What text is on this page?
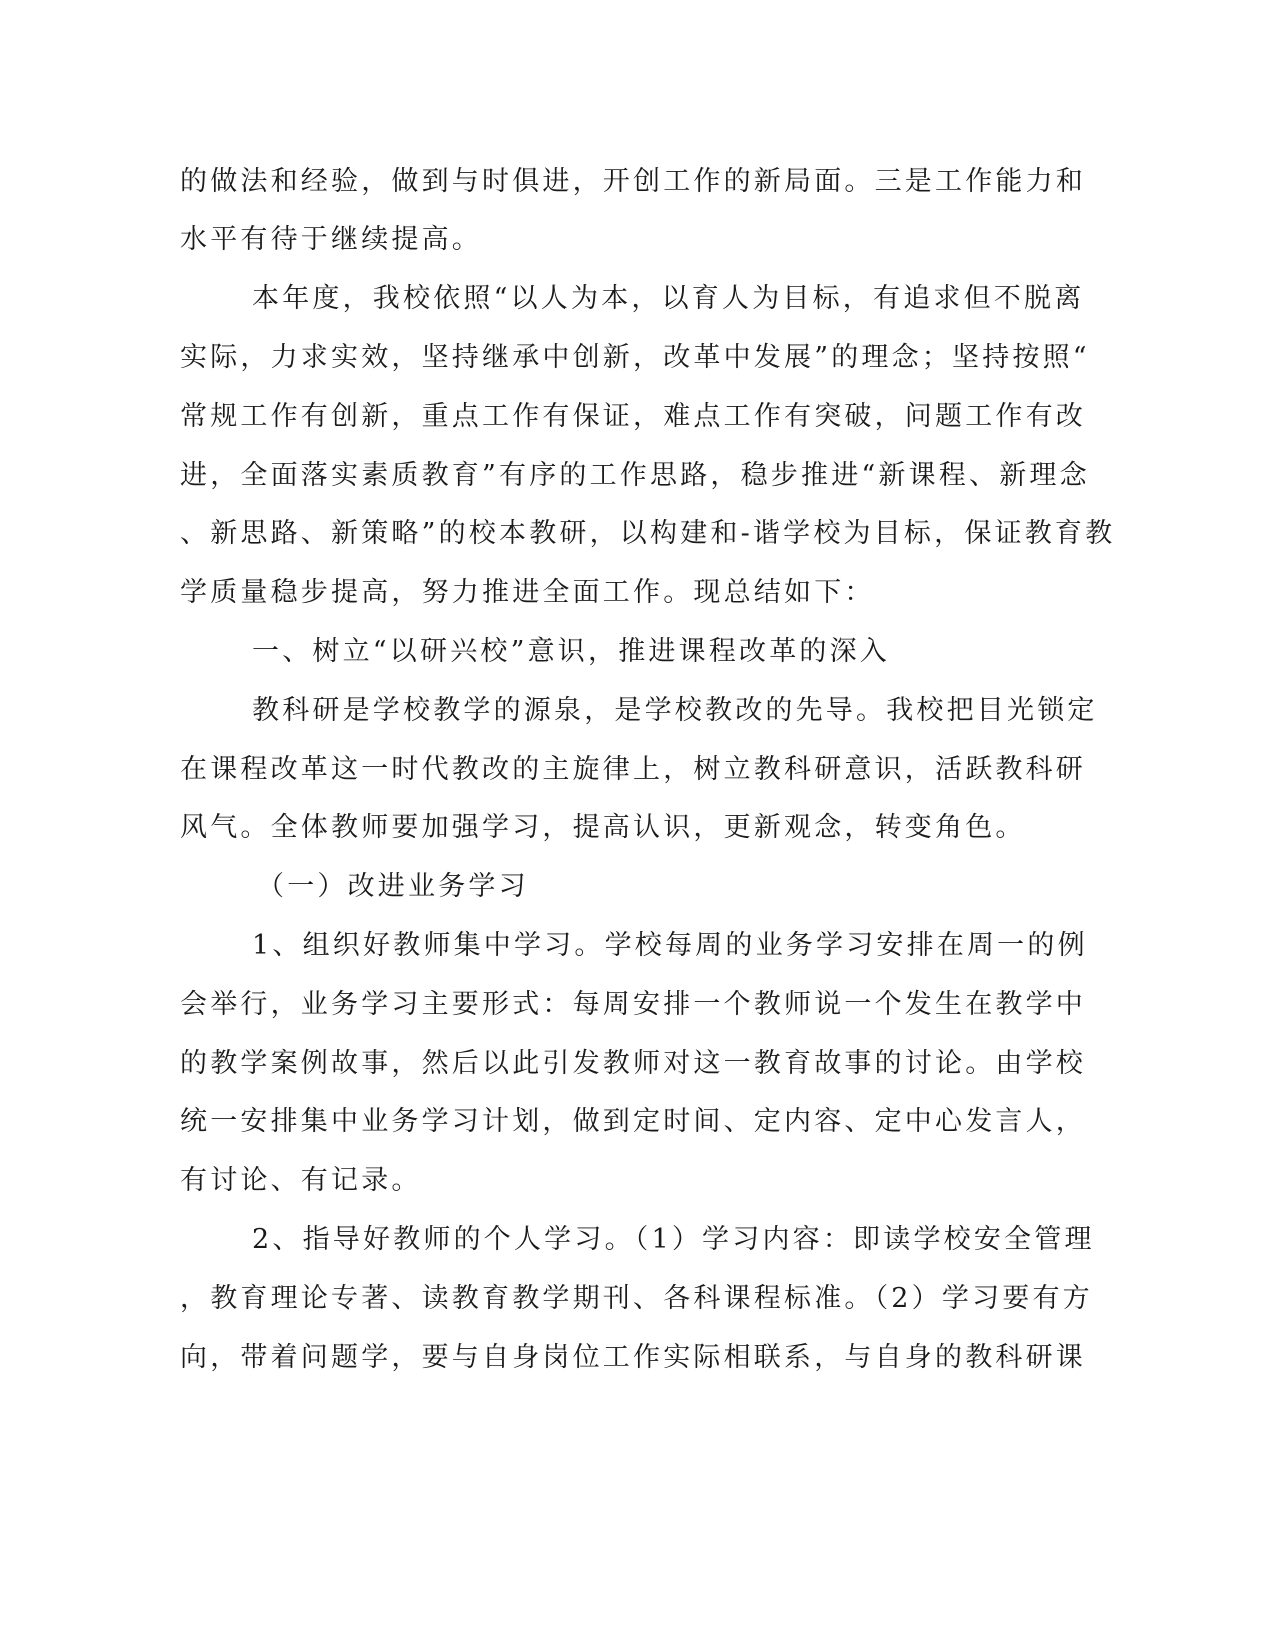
的做法和经验，做到与时俱进，开创工作的新局面。三是工作能力和
水平有待于继续提高。
本年度，我校依照“以人为本，以育人为目标，有追求但不脱离
实际，力求实效，坚持继承中创新，改革中发展”的理念；坚持按照“
常规工作有创新，重点工作有保证，难点工作有突破，问题工作有改
进，全面落实素质教育”有序的工作思路，稳步推进“新课程、新理念
、新思路、新策略”的校本教研，以构建和-谐学校为目标，保证教育教
学质量稳步提高，努力推进全面工作。现总结如下：
一、树立“以研兴校”意识，推进课程改革的深入
教科研是学校教学的源泉，是学校教改的先导。我校把目光锁定
在课程改革这一时代教改的主旋律上，树立教科研意识，活跃教科研
风气。全体教师要加强学习，提高认识，更新观念，转变角色。
（一）改进业务学习
1、组织好教师集中学习。学校每周的业务学习安排在周一的例
会举行，业务学习主要形式：每周安排一个教师说一个发生在教学中
的教学案例故事，然后以此引发教师对这一教育故事的讨论。由学校
统一安排集中业务学习计划，做到定时间、定内容、定中心发言人，
有讨论、有记录。
2、指导好教师的个人学习。（1）学习内容：即读学校安全管理
，教育理论专著、读教育教学期刊、各科课程标准。（2）学习要有方
向，带着问题学，要与自身岗位工作实际相联系，与自身的教科研课
